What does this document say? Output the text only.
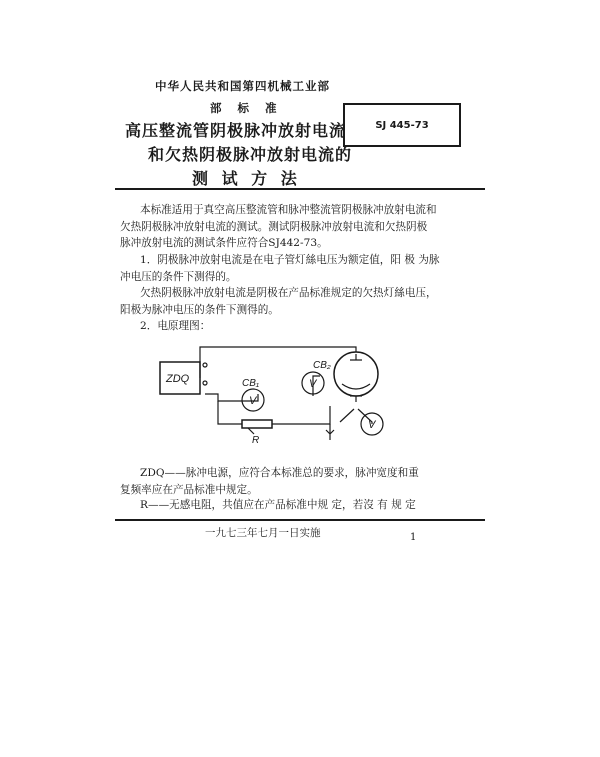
中华人民共和国第四机械工业部
部 标 准
高压整流管阴极脉冲放射电流
和欠热阴极脉冲放射电流的
测 试 方 法
SJ 445-73
本标准适用于真空高压整流管和脉冲整流管阴极脉冲放射电流和
欠热阴极脉冲放射电流的测试。测试阴极脉冲放射电流和欠热阴极
脉冲放射电流的测试条件应符合SJ442-73。
1．阴极脉冲放射电流是在电子管灯絲电压为额定值，阳 极 为脉
冲电压的条件下测得的。
欠热阴极脉冲放射电流是阴极在产品标准规定的欠热灯絲电压，
阳极为脉冲电压的条件下测得的。
2．电原理图：
ZDQ
V
CB₁
R
V
CB₂
V
ZDQ——脉冲电源，应符合本标准总的要求，脉冲宽度和重
复频率应在产品标准中规定。
R——无感电阻，共值应在产品标准中规 定，若沒 有 规 定
一九七三年七月一日实施	1
